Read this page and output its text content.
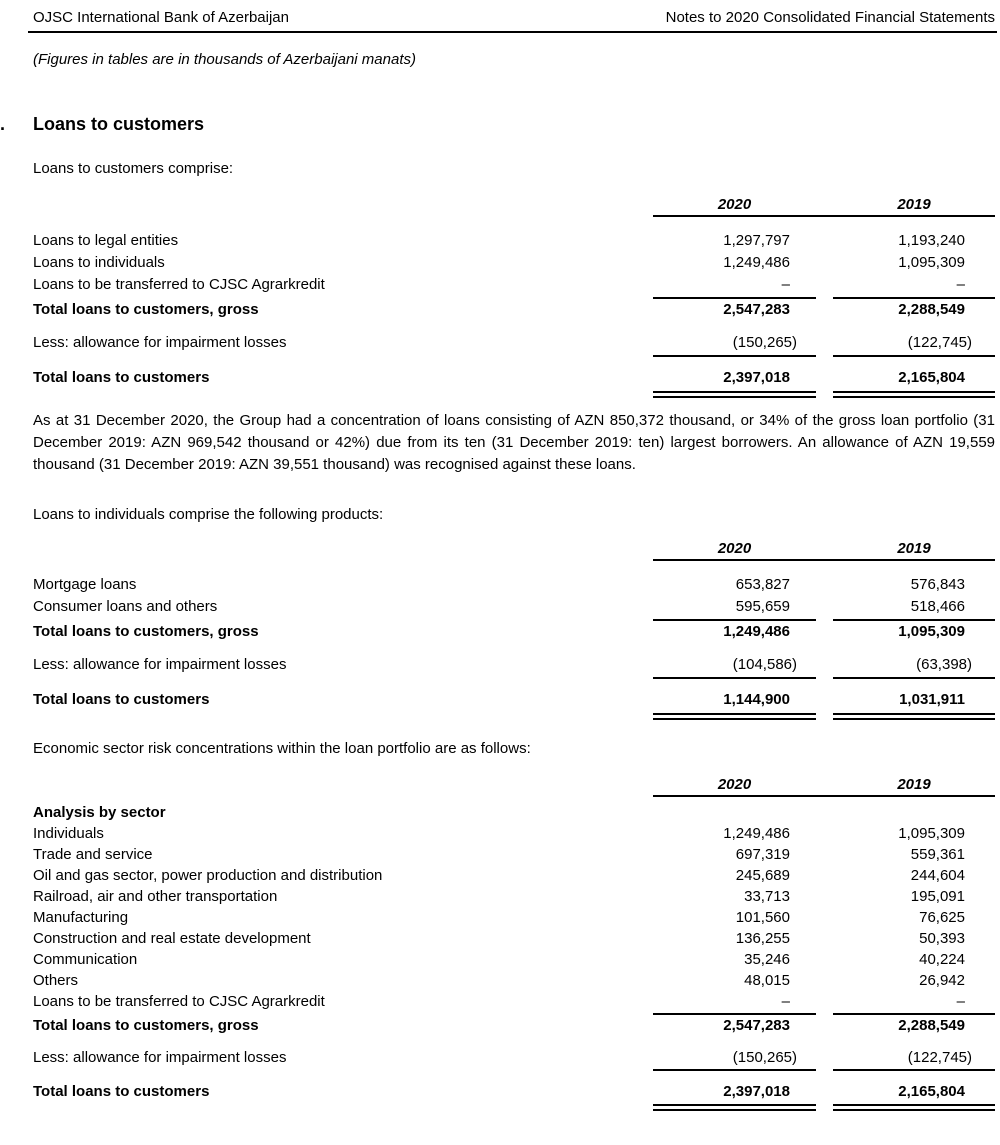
OJSC International Bank of Azerbaijan	Notes to 2020 Consolidated Financial Statements
(Figures in tables are in thousands of Azerbaijani manats)
. Loans to customers
Loans to customers comprise:
2020	2019
Loans to legal entities	1,297,797	1,193,240
Loans to individuals	1,249,486	1,095,309
Loans to be transferred to CJSC Agrarkredit	–	–
Total loans to customers, gross	2,547,283	2,288,549
Less: allowance for impairment losses	(150,265)	(122,745)
Total loans to customers	2,397,018	2,165,804
As at 31 December 2020, the Group had a concentration of loans consisting of AZN 850,372 thousand, or 34% of the gross loan portfolio (31 December 2019: AZN 969,542 thousand or 42%) due from its ten (31 December 2019: ten) largest borrowers. An allowance of AZN 19,559 thousand (31 December 2019: AZN 39,551 thousand) was recognised against these loans.
Loans to individuals comprise the following products:
2020	2019
Mortgage loans	653,827	576,843
Consumer loans and others	595,659	518,466
Total loans to customers, gross	1,249,486	1,095,309
Less: allowance for impairment losses	(104,586)	(63,398)
Total loans to customers	1,144,900	1,031,911
Economic sector risk concentrations within the loan portfolio are as follows:
2020	2019
Analysis by sector
Individuals	1,249,486	1,095,309
Trade and service	697,319	559,361
Oil and gas sector, power production and distribution	245,689	244,604
Railroad, air and other transportation	33,713	195,091
Manufacturing	101,560	76,625
Construction and real estate development	136,255	50,393
Communication	35,246	40,224
Others	48,015	26,942
Loans to be transferred to CJSC Agrarkredit	–	–
Total loans to customers, gross	2,547,283	2,288,549
Less: allowance for impairment losses	(150,265)	(122,745)
Total loans to customers	2,397,018	2,165,804
